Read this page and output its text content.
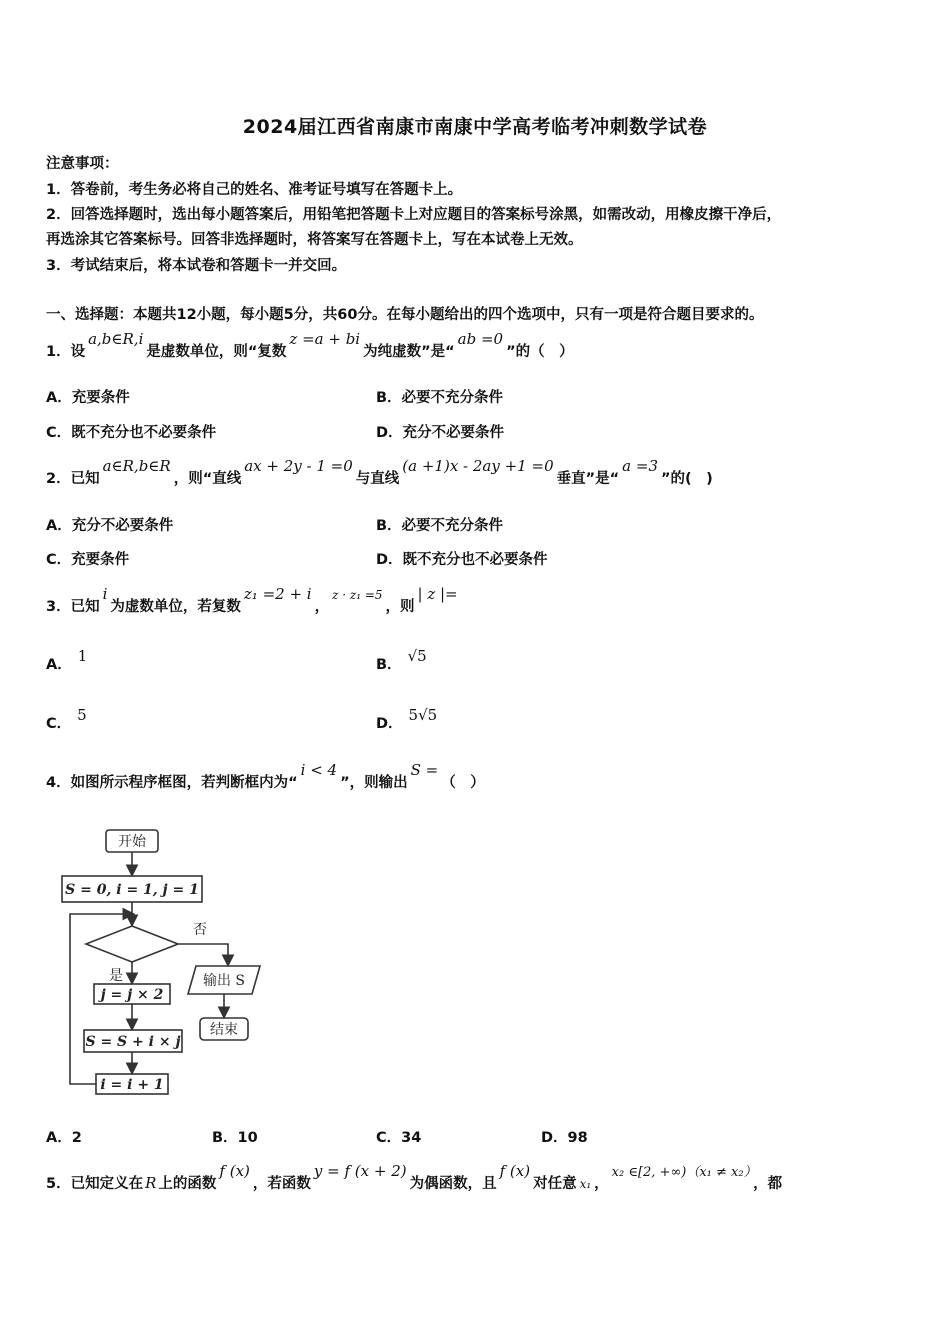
2024届江西省南康市南康中学高考临考冲刺数学试卷
注意事项：
1．答卷前，考生务必将自己的姓名、准考证号填写在答题卡上。
2．回答选择题时，选出每小题答案后，用铅笔把答题卡上对应题目的答案标号涂黑，如需改动，用橡皮擦干净后，
再选涂其它答案标号。回答非选择题时，将答案写在答题卡上，写在本试卷上无效。
3．考试结束后，将本试卷和答题卡一并交回。
一、选择题：本题共12小题，每小题5分，共60分。在每小题给出的四个选项中，只有一项是符合题目要求的。
1．设a,b∈R,i是虚数单位，则“复数z =a + bi为纯虚数”是“ab =0”的（　）
A．充要条件	B．必要不充分条件
C．既不充分也不必要条件	D．充分不必要条件
2．已知a∈R,b∈R，则“直线ax + 2y - 1 =0与直线(a +1)x - 2ay +1 =0垂直”是“a =3”的(　)
A．充分不必要条件	B．必要不充分条件
C．充要条件	D．既不充分也不必要条件
3．已知i为虚数单位，若复数z₁ =2 + i，$^{z \cdot z_1 =5}$，则| z |=
A． 1	B． √5
C． 5	D． 5√5
4．如图所示程序框图，若判断框内为“i < 4”，则输出S =（　）
开始
S = 0, i = 1, j = 1
否
是	输出 S
结束
j = j × 2
S = S + i × j
i = i + 1
A．2	B．10	C．34	D．98
5．已知定义在 R 上的函数f (x)，若函数y = f (x + 2)为偶函数，且f (x)对任意 x₁ ，x₂ ∈[2, +∞)（x₁ ≠ x₂），都
